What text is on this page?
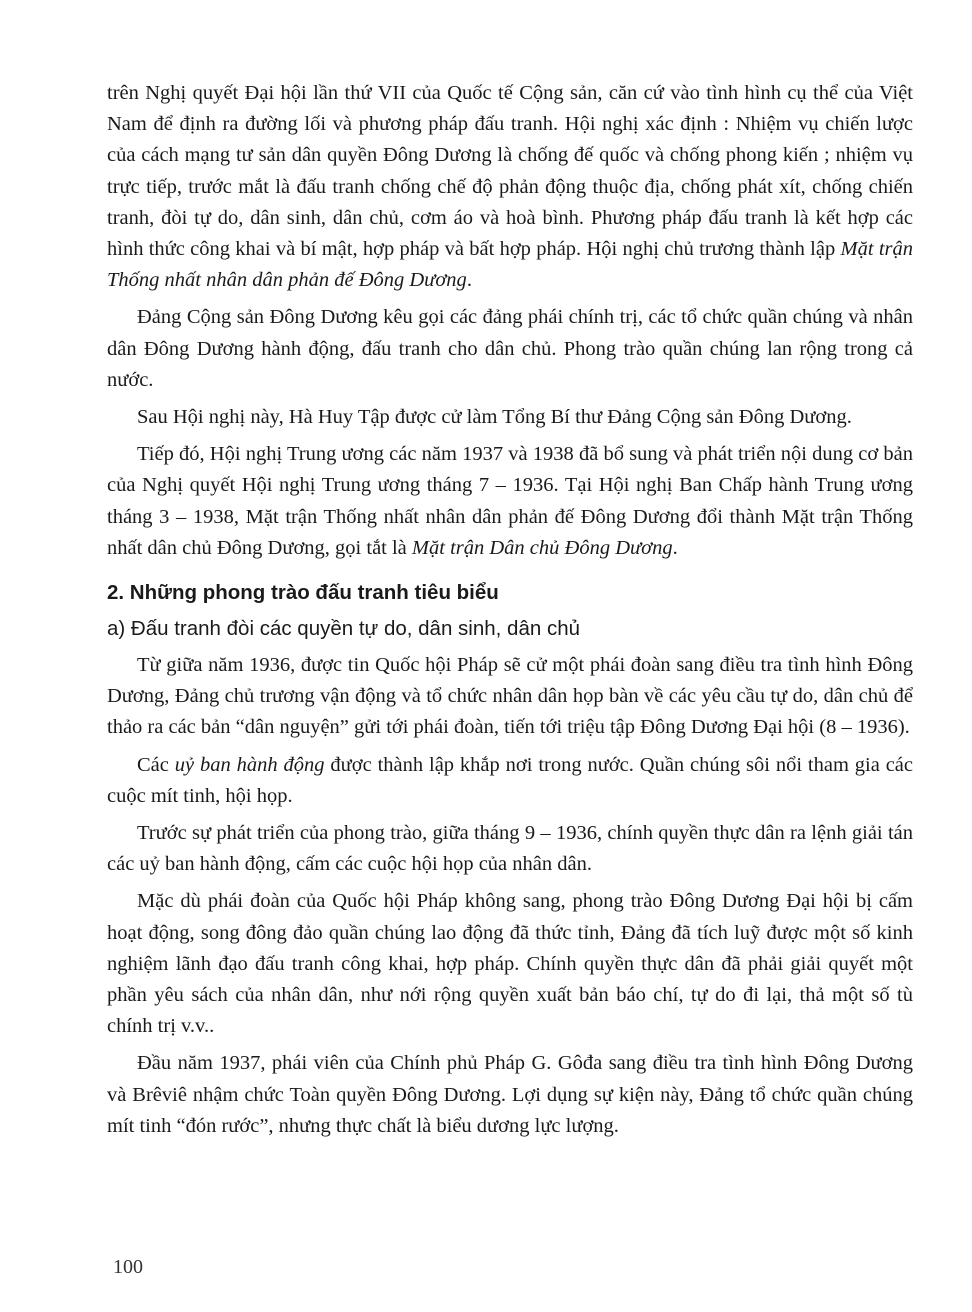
trên Nghị quyết Đại hội lần thứ VII của Quốc tế Cộng sản, căn cứ vào tình hình cụ thể của Việt Nam để định ra đường lối và phương pháp đấu tranh. Hội nghị xác định : Nhiệm vụ chiến lược của cách mạng tư sản dân quyền Đông Dương là chống đế quốc và chống phong kiến ; nhiệm vụ trực tiếp, trước mắt là đấu tranh chống chế độ phản động thuộc địa, chống phát xít, chống chiến tranh, đòi tự do, dân sinh, dân chủ, cơm áo và hoà bình. Phương pháp đấu tranh là kết hợp các hình thức công khai và bí mật, hợp pháp và bất hợp pháp. Hội nghị chủ trương thành lập Mặt trận Thống nhất nhân dân phản đế Đông Dương.

Đảng Cộng sản Đông Dương kêu gọi các đảng phái chính trị, các tổ chức quần chúng và nhân dân Đông Dương hành động, đấu tranh cho dân chủ. Phong trào quần chúng lan rộng trong cả nước.

Sau Hội nghị này, Hà Huy Tập được cử làm Tổng Bí thư Đảng Cộng sản Đông Dương.

Tiếp đó, Hội nghị Trung ương các năm 1937 và 1938 đã bổ sung và phát triển nội dung cơ bản của Nghị quyết Hội nghị Trung ương tháng 7 – 1936. Tại Hội nghị Ban Chấp hành Trung ương tháng 3 – 1938, Mặt trận Thống nhất nhân dân phản đế Đông Dương đổi thành Mặt trận Thống nhất dân chủ Đông Dương, gọi tắt là Mặt trận Dân chủ Đông Dương.

2. Những phong trào đấu tranh tiêu biểu
a) Đấu tranh đòi các quyền tự do, dân sinh, dân chủ

Từ giữa năm 1936, được tin Quốc hội Pháp sẽ cử một phái đoàn sang điều tra tình hình Đông Dương, Đảng chủ trương vận động và tổ chức nhân dân họp bàn về các yêu cầu tự do, dân chủ để thảo ra các bản “dân nguyện” gửi tới phái đoàn, tiến tới triệu tập Đông Dương Đại hội (8 – 1936).

Các uỷ ban hành động được thành lập khắp nơi trong nước. Quần chúng sôi nổi tham gia các cuộc mít tinh, hội họp.

Trước sự phát triển của phong trào, giữa tháng 9 – 1936, chính quyền thực dân ra lệnh giải tán các uỷ ban hành động, cấm các cuộc hội họp của nhân dân.

Mặc dù phái đoàn của Quốc hội Pháp không sang, phong trào Đông Dương Đại hội bị cấm hoạt động, song đông đảo quần chúng lao động đã thức tỉnh, Đảng đã tích luỹ được một số kinh nghiệm lãnh đạo đấu tranh công khai, hợp pháp. Chính quyền thực dân đã phải giải quyết một phần yêu sách của nhân dân, như nới rộng quyền xuất bản báo chí, tự do đi lại, thả một số tù chính trị v.v..

Đầu năm 1937, phái viên của Chính phủ Pháp G. Gôđa sang điều tra tình hình Đông Dương và Brêviê nhậm chức Toàn quyền Đông Dương. Lợi dụng sự kiện này, Đảng tổ chức quần chúng mít tinh “đón rước”, nhưng thực chất là biểu dương lực lượng.

100
